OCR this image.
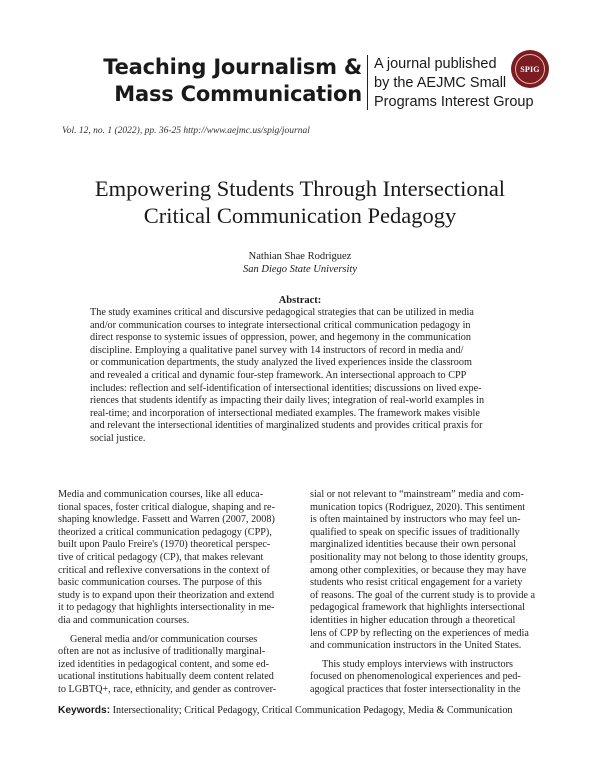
Teaching Journalism &
Mass Communication
A journal published
by the AEJMC Small
Programs Interest Group
SPIG
Vol. 12, no. 1 (2022), pp. 36-25 http://www.aejmc.us/spig/journal
Empowering Students Through Intersectional
Critical Communication Pedagogy
Nathian Shae Rodriguez
San Diego State University
Abstract:
The study examines critical and discursive pedagogical strategies that can be utilized in media
and/or communication courses to integrate intersectional critical communication pedagogy in
direct response to systemic issues of oppression, power, and hegemony in the communication
discipline. Employing a qualitative panel survey with 14 instructors of record in media and/
or communication departments, the study analyzed the lived experiences inside the classroom
and revealed a critical and dynamic four-step framework. An intersectional approach to CPP
includes: reflection and self-identification of intersectional identities; discussions on lived expe-
riences that students identify as impacting their daily lives; integration of real-world examples in
real-time; and incorporation of intersectional mediated examples. The framework makes visible
and relevant the intersectional identities of marginalized students and provides critical praxis for
social justice.
Media and communication courses, like all educa-
tional spaces, foster critical dialogue, shaping and re-
shaping knowledge. Fassett and Warren (2007, 2008)
theorized a critical communication pedagogy (CPP),
built upon Paulo Freire's (1970) theoretical perspec-
tive of critical pedagogy (CP), that makes relevant
critical and reflexive conversations in the context of
basic communication courses. The purpose of this
study is to expand upon their theorization and extend
it to pedagogy that highlights intersectionality in me-
dia and communication courses.
General media and/or communication courses
often are not as inclusive of traditionally marginal-
ized identities in pedagogical content, and some ed-
ucational institutions habitually deem content related
to LGBTQ+, race, ethnicity, and gender as controver-
sial or not relevant to “mainstream” media and com-
munication topics (Rodriguez, 2020). This sentiment
is often maintained by instructors who may feel un-
qualified to speak on specific issues of traditionally
marginalized identities because their own personal
positionality may not belong to those identity groups,
among other complexities, or because they may have
students who resist critical engagement for a variety
of reasons. The goal of the current study is to provide a
pedagogical framework that highlights intersectional
identities in higher education through a theoretical
lens of CPP by reflecting on the experiences of media
and communication instructors in the United States.
This study employs interviews with instructors
focused on phenomenological experiences and ped-
agogical practices that foster intersectionality in the
Keywords: Intersectionality; Critical Pedagogy, Critical Communication Pedagogy, Media & Communication
